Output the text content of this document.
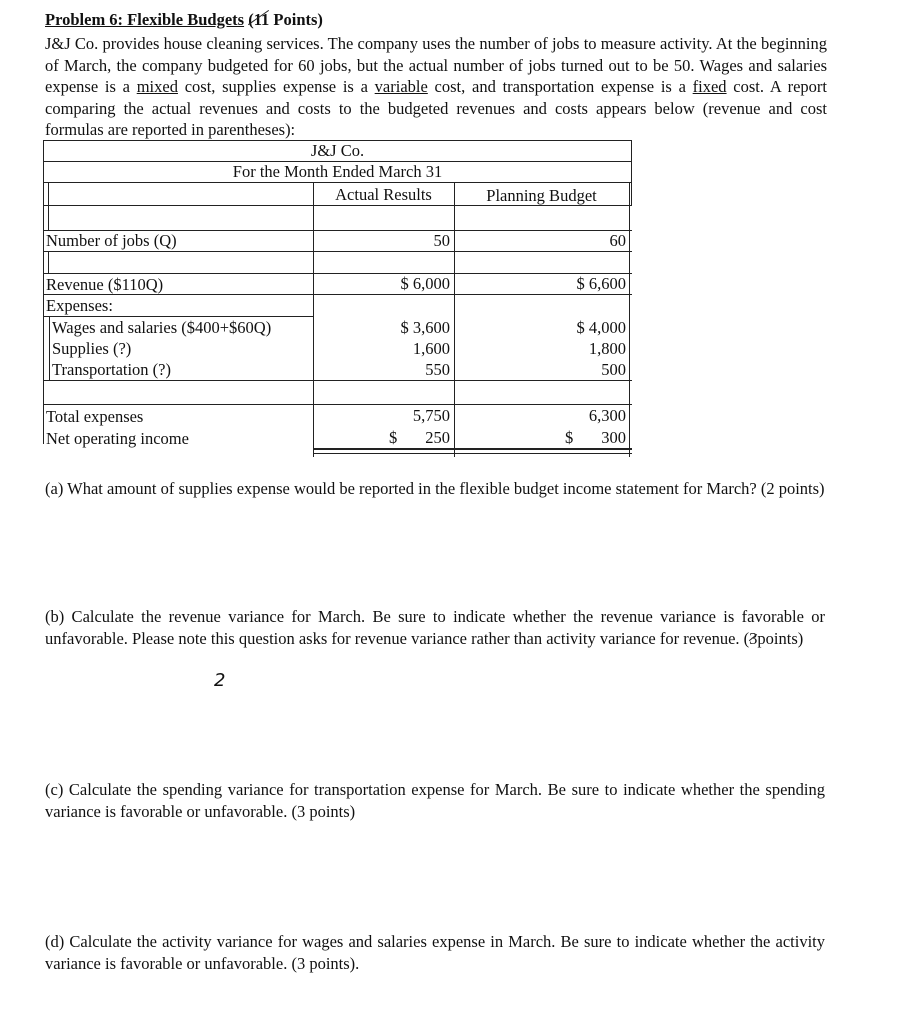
Problem 6: Flexible Budgets (11 Points)
J&J Co. provides house cleaning services. The company uses the number of jobs to measure activity. At the beginning of March, the company budgeted for 60 jobs, but the actual number of jobs turned out to be 50. Wages and salaries expense is a mixed cost, supplies expense is a variable cost, and transportation expense is a fixed cost. A report comparing the actual revenues and costs to the budgeted revenues and costs appears below (revenue and cost formulas are reported in parentheses):
J&J Co.
For the Month Ended March 31
Actual Results	Planning Budget
Number of jobs (Q)	50	60
Revenue ($110Q)	$ 6,000	$ 6,600
Expenses:
Wages and salaries ($400+$60Q)	$ 3,600	$ 4,000
Supplies (?)	1,600	1,800
Transportation (?)	550	500
Total expenses	5,750	6,300
Net operating income	$	250	$	300
(a) What amount of supplies expense would be reported in the flexible budget income statement for March? (2 points)
(b) Calculate the revenue variance for March. Be sure to indicate whether the revenue variance is favorable or unfavorable. Please note this question asks for revenue variance rather than activity variance for revenue. (3points)
2
(c) Calculate the spending variance for transportation expense for March. Be sure to indicate whether the spending variance is favorable or unfavorable. (3 points)
(d) Calculate the activity variance for wages and salaries expense in March. Be sure to indicate whether the activity variance is favorable or unfavorable. (3 points).
